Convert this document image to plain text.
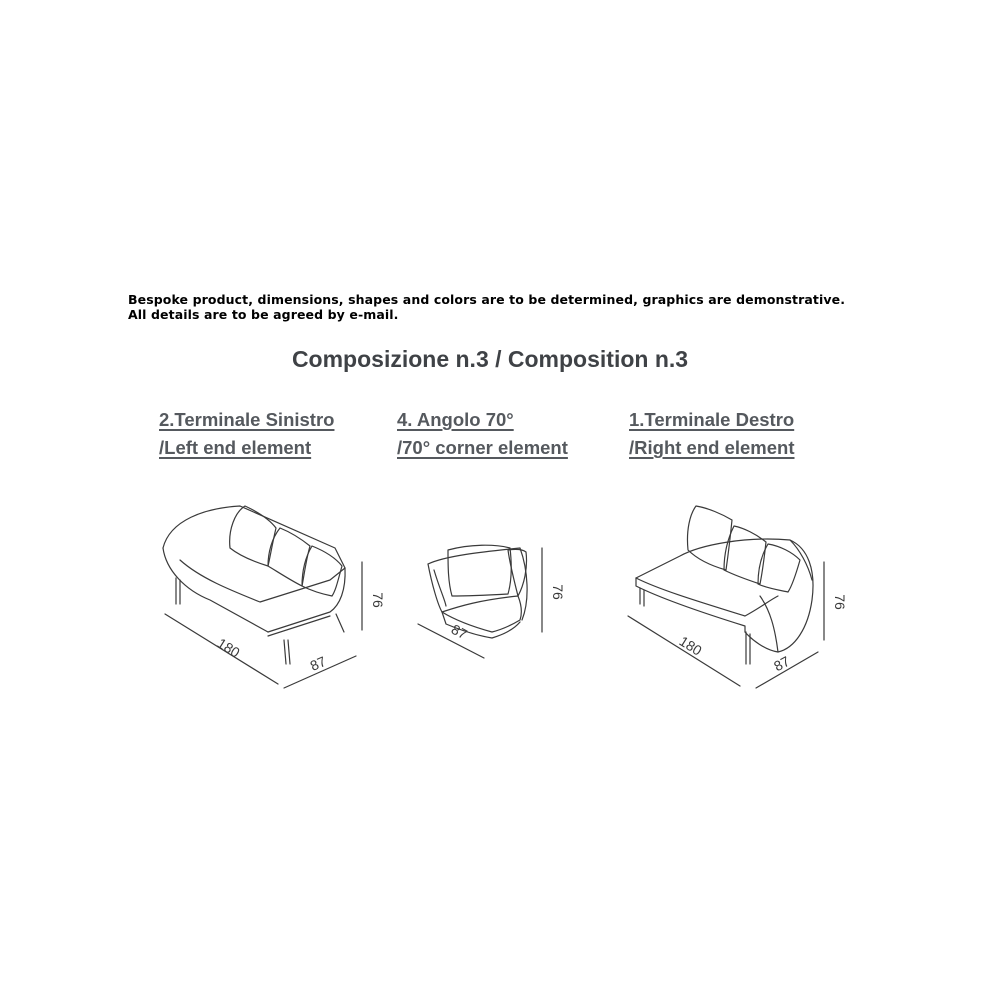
Bespoke product, dimensions, shapes and colors are to be determined, graphics are demonstrative.
All details are to be agreed by e-mail.
Composizione n.3 / Composition n.3
2.Terminale Sinistro
/Left end element
4. Angolo 70°
/70° corner element
1.Terminale Destro
/Right end element
180
87
76
87
76
180
87
76
